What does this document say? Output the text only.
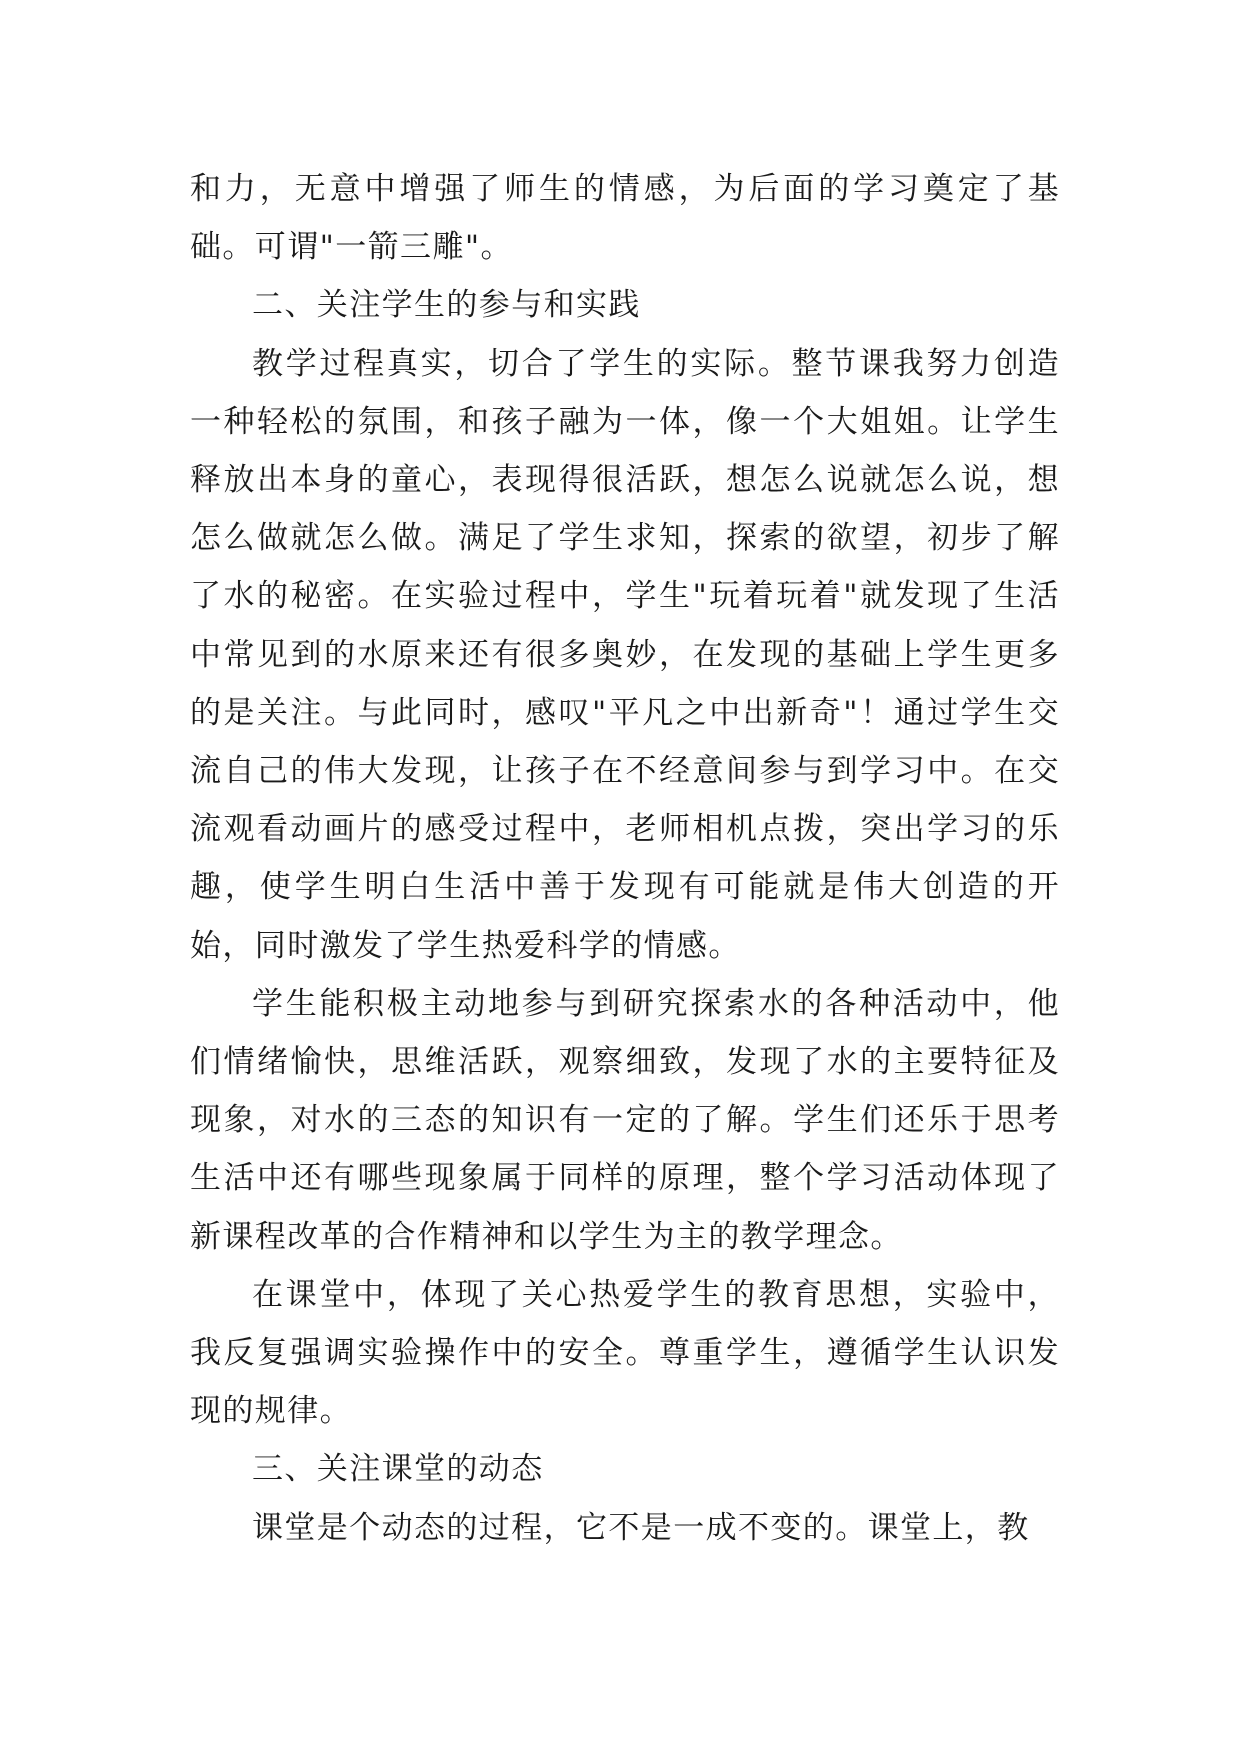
和力，无意中增强了师生的情感，为后面的学习奠定了基础。可谓"一箭三雕"。

二、关注学生的参与和实践

教学过程真实，切合了学生的实际。整节课我努力创造一种轻松的氛围，和孩子融为一体，像一个大姐姐。让学生释放出本身的童心，表现得很活跃，想怎么说就怎么说，想怎么做就怎么做。满足了学生求知，探索的欲望，初步了解了水的秘密。在实验过程中，学生"玩着玩着"就发现了生活中常见到的水原来还有很多奥妙，在发现的基础上学生更多的是关注。与此同时，感叹"平凡之中出新奇"！通过学生交流自己的伟大发现，让孩子在不经意间参与到学习中。在交流观看动画片的感受过程中，老师相机点拨，突出学习的乐趣，使学生明白生活中善于发现有可能就是伟大创造的开始，同时激发了学生热爱科学的情感。

学生能积极主动地参与到研究探索水的各种活动中，他们情绪愉快，思维活跃，观察细致，发现了水的主要特征及现象，对水的三态的知识有一定的了解。学生们还乐于思考生活中还有哪些现象属于同样的原理，整个学习活动体现了新课程改革的合作精神和以学生为主的教学理念。

在课堂中，体现了关心热爱学生的教育思想，实验中，我反复强调实验操作中的安全。尊重学生，遵循学生认识发现的规律。

三、关注课堂的动态

课堂是个动态的过程，它不是一成不变的。课堂上，教
